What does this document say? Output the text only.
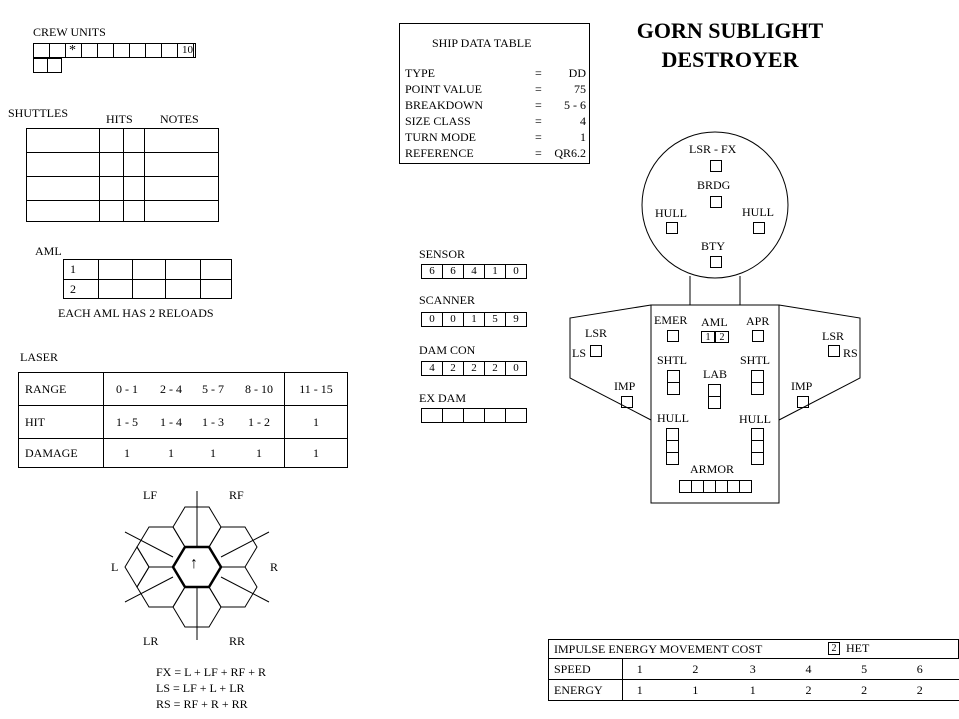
GORN SUBLIGHT
DESTROYER
CREW UNITS
*	10
SHUTTLES	HITS NOTES

AML
1				
2				
EACH AML HAS 2 RELOADS
LASER
RANGE	0 - 1	2 - 4	5 - 7	8 - 10	11 - 15
HIT	1 - 5	1 - 4	1 - 3	1 - 2	1
DAMAGE	1	1	1	1	1
LF	RF
L	R
LR	RR
↑
FX = L + LF + RF + R
LS = LF + L + LR
RS = RF + R + RR
SHIP DATA TABLE
TYPE	= DD
POINT VALUE	=	75
BREAKDOWN	= 5 - 6
SIZE CLASS	=	4
TURN MODE	=	1
REFERENCE	= QR6.2
SENSOR
6	6	4	1	0
SCANNER
0	0	1	5	9
DAM CON
4	2	2	2	0
EX DAM
LSR - FX
BRDG
HULL	HULL
BTY
LSR
LS
LSR
RS
IMP	IMP
EMER AML
1 2
APR
SHTL	SHTL
LAB
HULL	HULL
ARMOR
IMPULSE ENERGY MOVEMENT COST 2 HET						

SPEED	1	2	3	4	5	6
ENERGY	1	1	1	2	2	2
